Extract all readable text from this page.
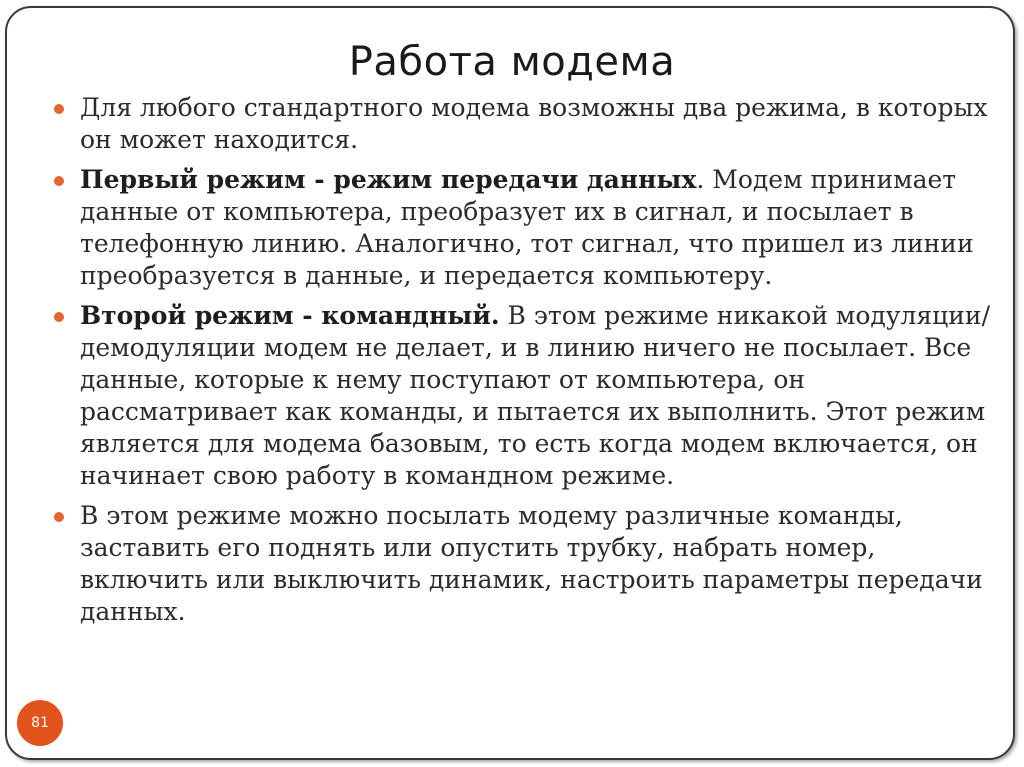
Работа модема
Для любого стандартного модема возможны два режима, в которых он может находится.
Первый режим - режим передачи данных. Модем принимает данные от компьютера, преобразует их в сигнал, и посылает в телефонную линию. Аналогично, тот сигнал, что пришел из линии преобразуется в данные, и передается компьютеру.
Второй режим - командный. В этом режиме никакой модуляции/демодуляции модем не делает, и в линию ничего не посылает. Все данные, которые к нему поступают от компьютера, он рассматривает как команды, и пытается их выполнить. Этот режим является для модема базовым, то есть когда модем включается, он начинает свою работу в командном режиме.
В этом режиме можно посылать модему различные команды, заставить его поднять или опустить трубку, набрать номер, включить или выключить динамик, настроить параметры передачи данных.
81
